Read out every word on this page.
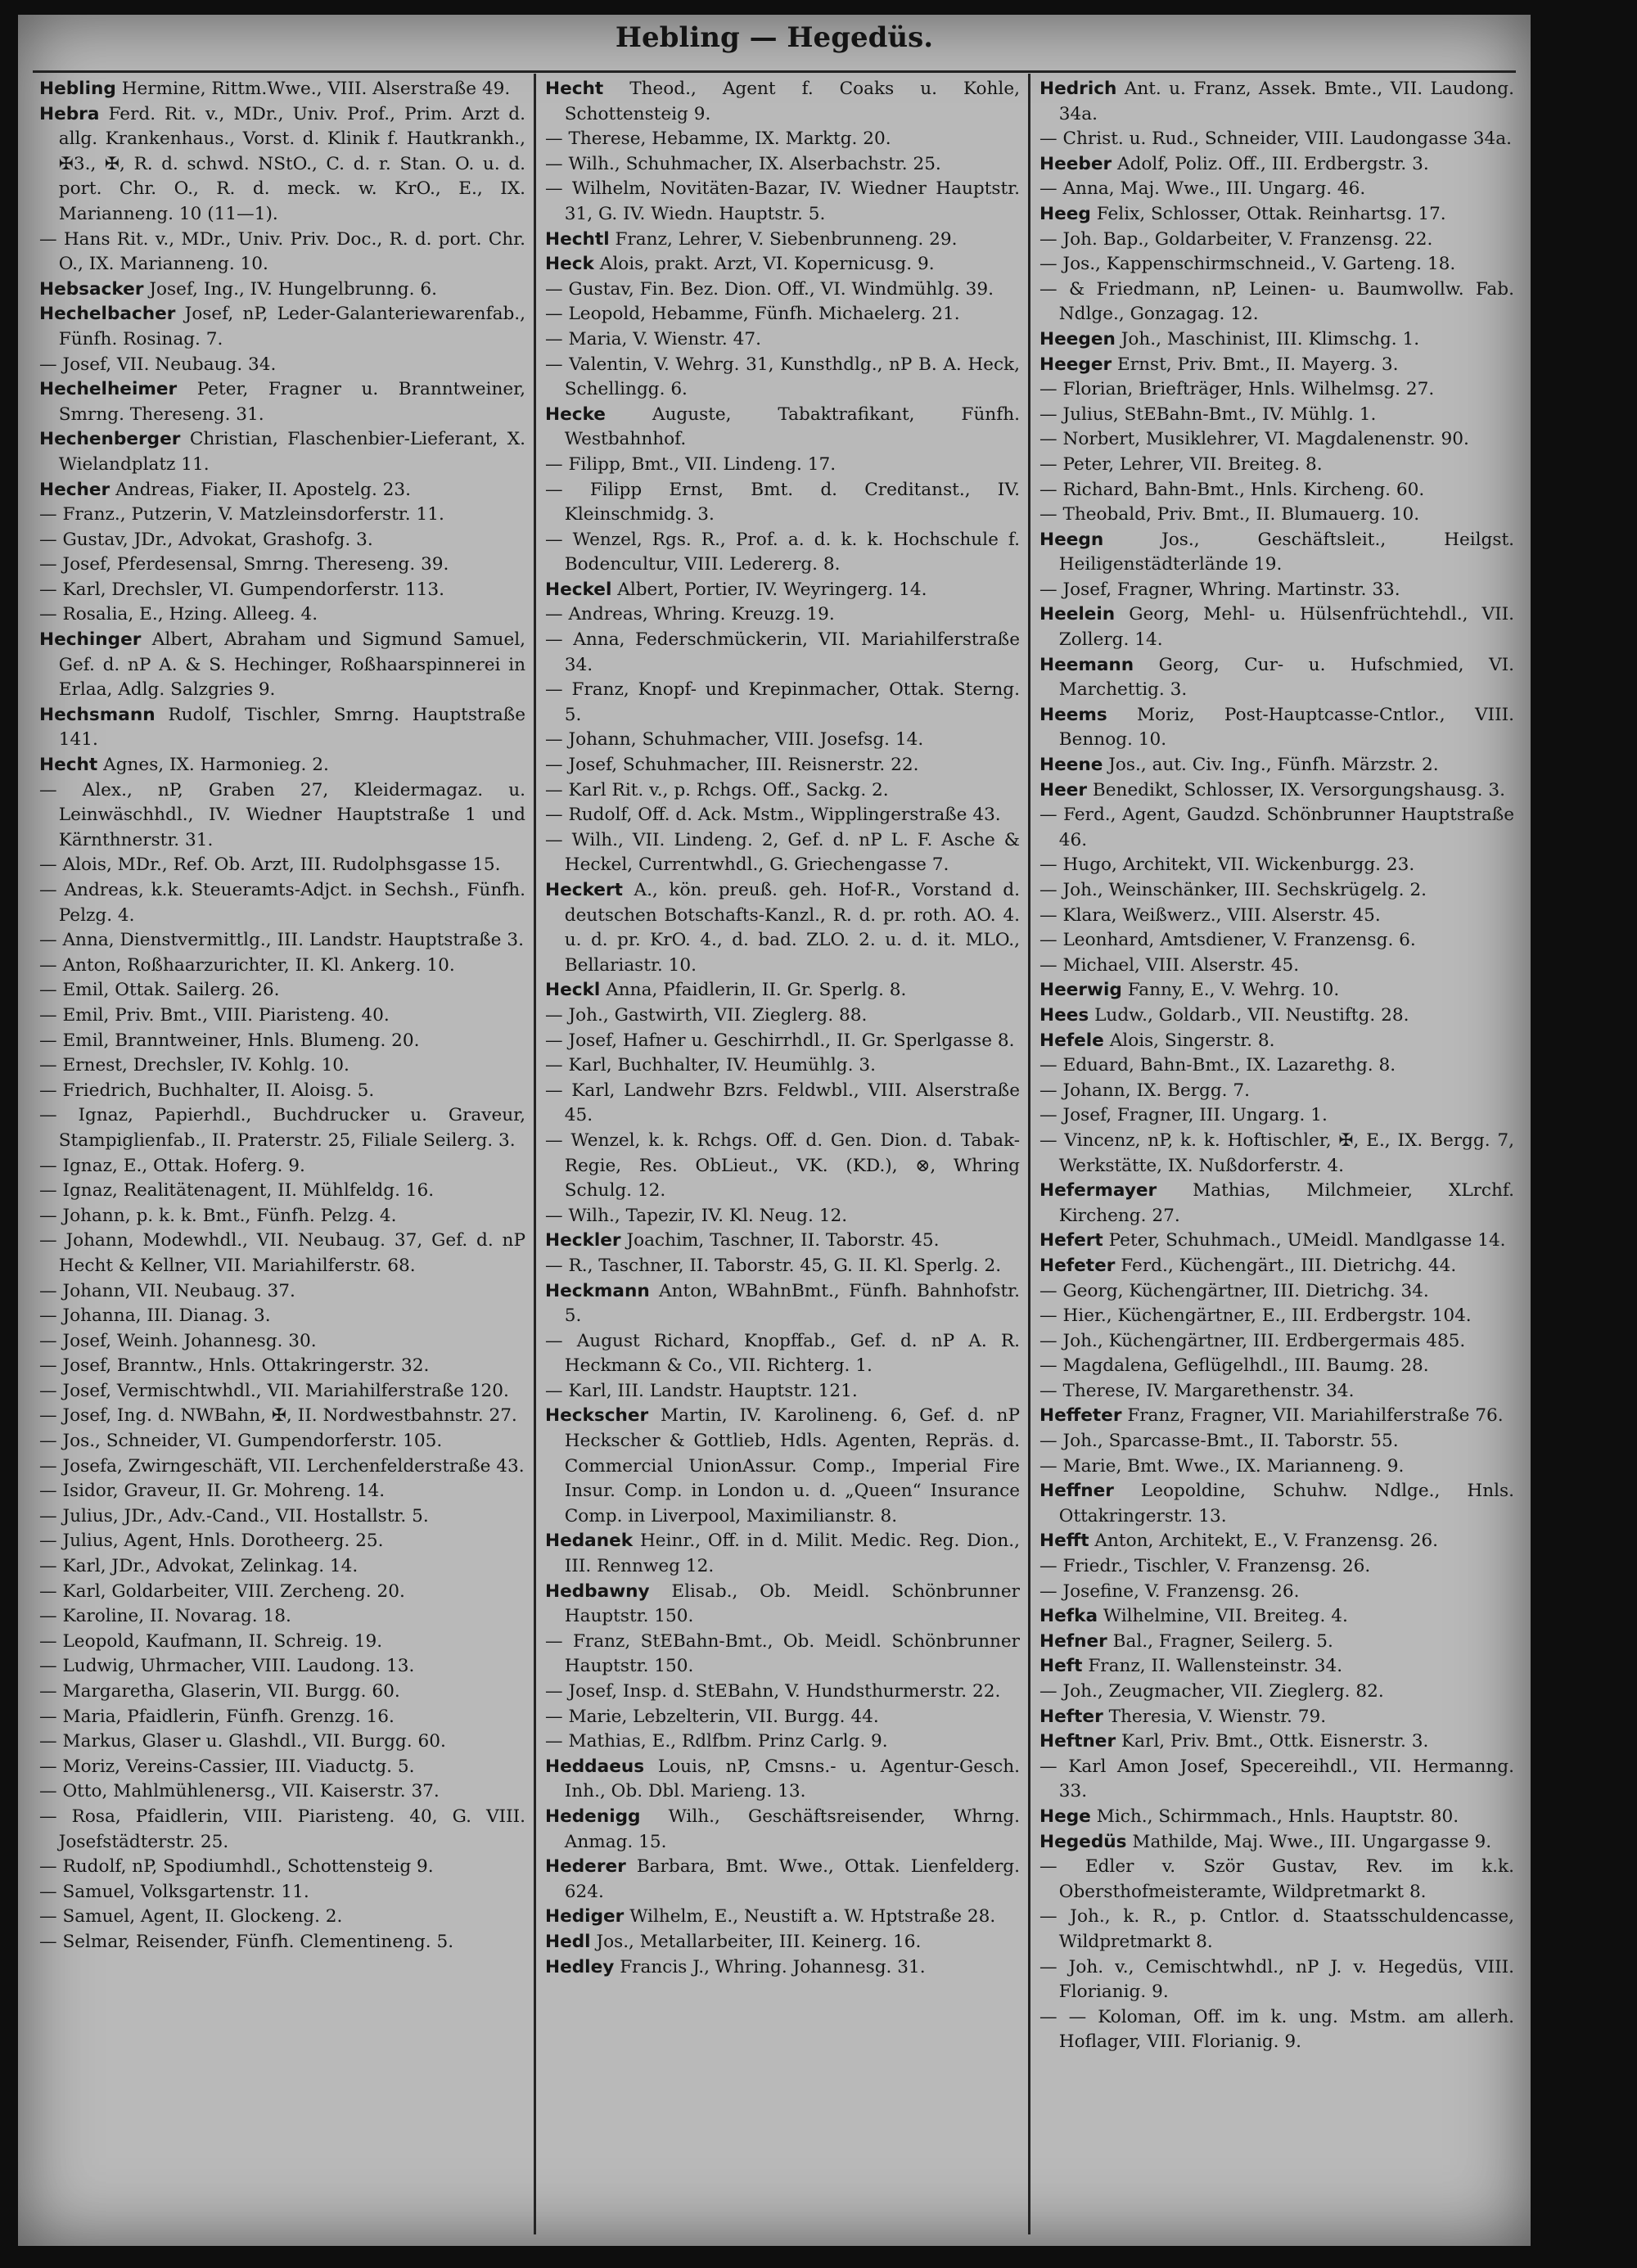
Hebling — Hegedüs.
Hebling Hermine, Rittm.Wwe., VIII. Alserstraße 49.
Hebra Ferd. Rit. v., MDr., Univ. Prof., Prim. Arzt d. allg. Krankenhaus., Vorst. d. Klinik f. Hautkrankh., ✠3., ✠, R. d. schwd. NStO., C. d. r. Stan. O. u. d. port. Chr. O., R. d. meck. w. KrO., E., IX. Marianneng. 10 (11—1).
— Hans Rit. v., MDr., Univ. Priv. Doc., R. d. port. Chr. O., IX. Marianneng. 10.
Hebsacker Josef, Ing., IV. Hungelbrunng. 6.
Hechelbacher Josef, nP, Leder-Galanteriewarenfab., Fünfh. Rosinag. 7.
— Josef, VII. Neubaug. 34.
Hechelheimer Peter, Fragner u. Branntweiner, Smrng. Thereseng. 31.
Hechenberger Christian, Flaschenbier-Lieferant, X. Wielandplatz 11.
Hecher Andreas, Fiaker, II. Apostelg. 23.
— Franz., Putzerin, V. Matzleinsdorferstr. 11.
— Gustav, JDr., Advokat, Grashofg. 3.
— Josef, Pferdesensal, Smrng. Thereseng. 39.
— Karl, Drechsler, VI. Gumpendorferstr. 113.
— Rosalia, E., Hzing. Alleeg. 4.
Hechinger Albert, Abraham und Sigmund Samuel, Gef. d. nP A. & S. Hechinger, Roßhaarspinnerei in Erlaa, Adlg. Salzgries 9.
Hechsmann Rudolf, Tischler, Smrng. Hauptstraße 141.
Hecht Agnes, IX. Harmonieg. 2.
— Alex., nP, Graben 27, Kleidermagaz. u. Leinwäschhdl., IV. Wiedner Hauptstraße 1 und Kärnthnerstr. 31.
— Alois, MDr., Ref. Ob. Arzt, III. Rudolphsgasse 15.
— Andreas, k.k. Steueramts-Adjct. in Sechsh., Fünfh. Pelzg. 4.
— Anna, Dienstvermittlg., III. Landstr. Hauptstraße 3.
— Anton, Roßhaarzurichter, II. Kl. Ankerg. 10.
— Emil, Ottak. Sailerg. 26.
— Emil, Priv. Bmt., VIII. Piaristeng. 40.
— Emil, Branntweiner, Hnls. Blumeng. 20.
— Ernest, Drechsler, IV. Kohlg. 10.
— Friedrich, Buchhalter, II. Aloisg. 5.
— Ignaz, Papierhdl., Buchdrucker u. Graveur, Stampiglienfab., II. Praterstr. 25, Filiale Seilerg. 3.
— Ignaz, E., Ottak. Hoferg. 9.
— Ignaz, Realitätenagent, II. Mühlfeldg. 16.
— Johann, p. k. k. Bmt., Fünfh. Pelzg. 4.
— Johann, Modewhdl., VII. Neubaug. 37, Gef. d. nP Hecht & Kellner, VII. Mariahilferstr. 68.
— Johann, VII. Neubaug. 37.
— Johanna, III. Dianag. 3.
— Josef, Weinh. Johannesg. 30.
— Josef, Branntw., Hnls. Ottakringerstr. 32.
— Josef, Vermischtwhdl., VII. Mariahilferstraße 120.
— Josef, Ing. d. NWBahn, ✠, II. Nordwestbahnstr. 27.
— Jos., Schneider, VI. Gumpendorferstr. 105.
— Josefa, Zwirngeschäft, VII. Lerchenfelderstraße 43.
— Isidor, Graveur, II. Gr. Mohreng. 14.
— Julius, JDr., Adv.-Cand., VII. Hostallstr. 5.
— Julius, Agent, Hnls. Dorotheerg. 25.
— Karl, JDr., Advokat, Zelinkag. 14.
— Karl, Goldarbeiter, VIII. Zercheng. 20.
— Karoline, II. Novarag. 18.
— Leopold, Kaufmann, II. Schreig. 19.
— Ludwig, Uhrmacher, VIII. Laudong. 13.
— Margaretha, Glaserin, VII. Burgg. 60.
— Maria, Pfaidlerin, Fünfh. Grenzg. 16.
— Markus, Glaser u. Glashdl., VII. Burgg. 60.
— Moriz, Vereins-Cassier, III. Viaductg. 5.
— Otto, Mahlmühlenersg., VII. Kaiserstr. 37.
— Rosa, Pfaidlerin, VIII. Piaristeng. 40, G. VIII. Josefstädterstr. 25.
— Rudolf, nP, Spodiumhdl., Schottensteig 9.
— Samuel, Volksgartenstr. 11.
— Samuel, Agent, II. Glockeng. 2.
— Selmar, Reisender, Fünfh. Clementineng. 5.
Hecht Theod., Agent f. Coaks u. Kohle, Schottensteig 9.
— Therese, Hebamme, IX. Marktg. 20.
— Wilh., Schuhmacher, IX. Alserbachstr. 25.
— Wilhelm, Novitäten-Bazar, IV. Wiedner Hauptstr. 31, G. IV. Wiedn. Hauptstr. 5.
Hechtl Franz, Lehrer, V. Siebenbrunneng. 29.
Heck Alois, prakt. Arzt, VI. Kopernicusg. 9.
— Gustav, Fin. Bez. Dion. Off., VI. Windmühlg. 39.
— Leopold, Hebamme, Fünfh. Michaelerg. 21.
— Maria, V. Wienstr. 47.
— Valentin, V. Wehrg. 31, Kunsthdlg., nP B. A. Heck, Schellingg. 6.
Hecke	Auguste, Tabaktrafikant, Fünfh. Westbahnhof.
— Filipp, Bmt., VII. Lindeng. 17.
— Filipp Ernst, Bmt. d. Creditanst., IV. Kleinschmidg. 3.
— Wenzel, Rgs. R., Prof. a. d. k. k. Hochschule f. Bodencultur, VIII. Ledererg. 8.
Heckel Albert, Portier, IV. Weyringerg. 14.
— Andreas, Whring. Kreuzg. 19.
— Anna, Federschmückerin, VII. Mariahilferstraße 34.
— Franz, Knopf- und Krepinmacher, Ottak. Sterng. 5.
— Johann, Schuhmacher, VIII. Josefsg. 14.
— Josef, Schuhmacher, III. Reisnerstr. 22.
— Karl Rit. v., p. Rchgs. Off., Sackg. 2.
— Rudolf, Off. d. Ack. Mstm., Wipplingerstraße 43.
— Wilh., VII. Lindeng. 2, Gef. d. nP L. F. Asche & Heckel, Currentwhdl., G. Griechengasse 7.
Heckert A., kön. preuß. geh. Hof-R., Vorstand d. deutschen Botschafts-Kanzl., R. d. pr. roth. AO. 4. u. d. pr. KrO. 4., d. bad. ZLO. 2. u. d. it. MLO., Bellariastr. 10.
Heckl Anna, Pfaidlerin, II. Gr. Sperlg. 8.
— Joh., Gastwirth, VII. Zieglerg. 88.
— Josef, Hafner u. Geschirrhdl., II. Gr. Sperlgasse 8.
— Karl, Buchhalter, IV. Heumühlg. 3.
— Karl, Landwehr Bzrs. Feldwbl., VIII. Alserstraße 45.
— Wenzel, k. k. Rchgs. Off. d. Gen. Dion. d. Tabak-Regie, Res. ObLieut., VK. (KD.), ⊗, Whring Schulg. 12.
— Wilh., Tapezir, IV. Kl. Neug. 12.
Heckler Joachim, Taschner, II. Taborstr. 45.
— R., Taschner, II. Taborstr. 45, G. II. Kl. Sperlg. 2.
Heckmann Anton, WBahnBmt., Fünfh. Bahnhofstr. 5.
— August Richard, Knopffab., Gef. d. nP A. R. Heckmann & Co., VII. Richterg. 1.
— Karl, III. Landstr. Hauptstr. 121.
Heckscher Martin, IV. Karolineng. 6, Gef. d. nP Heckscher & Gottlieb, Hdls. Agenten, Repräs. d. Commercial UnionAssur. Comp., Imperial Fire Insur. Comp. in London u. d. „Queen“ Insurance Comp. in Liverpool, Maximilianstr. 8.
Hedanek Heinr., Off. in d. Milit. Medic. Reg. Dion., III. Rennweg 12.
Hedbawny Elisab., Ob. Meidl. Schönbrunner Hauptstr. 150.
— Franz, StEBahn-Bmt., Ob. Meidl. Schönbrunner Hauptstr. 150.
— Josef, Insp. d. StEBahn, V. Hundsthurmerstr. 22.
— Marie, Lebzelterin, VII. Burgg. 44.
— Mathias, E., Rdlfbm. Prinz Carlg. 9.
Heddaeus Louis, nP, Cmsns.- u. Agentur-Gesch. Inh., Ob. Dbl. Marieng. 13.
Hedenigg Wilh., Geschäftsreisender, Whrng. Anmag. 15.
Hederer Barbara, Bmt. Wwe., Ottak. Lienfelderg. 624.
Hediger Wilhelm, E., Neustift a. W. Hptstraße 28.
Hedl Jos., Metallarbeiter, III. Keinerg. 16.
Hedley Francis J., Whring. Johannesg. 31.
Hedrich Ant. u. Franz, Assek. Bmte., VII. Laudong. 34a.
— Christ. u. Rud., Schneider, VIII. Laudongasse 34a.
Heeber Adolf, Poliz. Off., III. Erdbergstr. 3.
— Anna, Maj. Wwe., III. Ungarg. 46.
Heeg Felix, Schlosser, Ottak. Reinhartsg. 17.
— Joh. Bap., Goldarbeiter, V. Franzensg. 22.
— Jos., Kappenschirmschneid., V. Garteng. 18.
— & Friedmann, nP, Leinen- u. Baumwollw. Fab. Ndlge., Gonzagag. 12.
Heegen Joh., Maschinist, III. Klimschg. 1.
Heeger Ernst, Priv. Bmt., II. Mayerg. 3.
— Florian, Briefträger, Hnls. Wilhelmsg. 27.
— Julius, StEBahn-Bmt., IV. Mühlg. 1.
— Norbert, Musiklehrer, VI. Magdalenenstr. 90.
— Peter, Lehrer, VII. Breiteg. 8.
— Richard, Bahn-Bmt., Hnls. Kircheng. 60.
— Theobald, Priv. Bmt., II. Blumauerg. 10.
Heegn	Jos., Geschäftsleit., Heilgst. Heiligenstädterlände 19.
— Josef, Fragner, Whring. Martinstr. 33.
Heelein Georg, Mehl- u. Hülsenfrüchtehdl., VII. Zollerg. 14.
Heemann Georg, Cur- u. Hufschmied, VI. Marchettig. 3.
Heems Moriz, Post-Hauptcasse-Cntlor., VIII. Bennog. 10.
Heene Jos., aut. Civ. Ing., Fünfh. Märzstr. 2.
Heer Benedikt, Schlosser, IX. Versorgungshausg. 3.
— Ferd., Agent, Gaudzd. Schönbrunner Hauptstraße 46.
— Hugo, Architekt, VII. Wickenburgg. 23.
— Joh., Weinschänker, III. Sechskrügelg. 2.
— Klara, Weißwerz., VIII. Alserstr. 45.
— Leonhard, Amtsdiener, V. Franzensg. 6.
— Michael, VIII. Alserstr. 45.
Heerwig Fanny, E., V. Wehrg. 10.
Hees Ludw., Goldarb., VII. Neustiftg. 28.
Hefele Alois, Singerstr. 8.
— Eduard, Bahn-Bmt., IX. Lazarethg. 8.
— Johann, IX. Bergg. 7.
— Josef, Fragner, III. Ungarg. 1.
— Vincenz, nP, k. k. Hoftischler, ✠, E., IX. Bergg. 7, Werkstätte, IX. Nußdorferstr. 4.
Hefermayer Mathias, Milchmeier, XLrchf. Kircheng. 27.
Hefert Peter, Schuhmach., UMeidl. Mandlgasse 14.
Hefeter Ferd., Küchengärt., III. Dietrichg. 44.
— Georg, Küchengärtner, III. Dietrichg. 34.
— Hier., Küchengärtner, E., III. Erdbergstr. 104.
— Joh., Küchengärtner, III. Erdbergermais 485.
— Magdalena, Geflügelhdl., III. Baumg. 28.
— Therese, IV. Margarethenstr. 34.
Heffeter Franz, Fragner, VII. Mariahilferstraße 76.
— Joh., Sparcasse-Bmt., II. Taborstr. 55.
— Marie, Bmt. Wwe., IX. Marianneng. 9.
Heffner Leopoldine, Schuhw. Ndlge., Hnls. Ottakringerstr. 13.
Hefft Anton, Architekt, E., V. Franzensg. 26.
— Friedr., Tischler, V. Franzensg. 26.
— Josefine, V. Franzensg. 26.
Hefka Wilhelmine, VII. Breiteg. 4.
Hefner Bal., Fragner, Seilerg. 5.
Heft Franz, II. Wallensteinstr. 34.
— Joh., Zeugmacher, VII. Zieglerg. 82.
Hefter Theresia, V. Wienstr. 79.
Heftner Karl, Priv. Bmt., Ottk. Eisnerstr. 3.
— Karl Amon Josef, Specereihdl., VII. Hermanng. 33.
Hege Mich., Schirmmach., Hnls. Hauptstr. 80.
Hegedüs Mathilde, Maj. Wwe., III. Ungargasse 9.
— Edler v. Ször Gustav, Rev. im k.k. Obersthofmeisteramte, Wildpretmarkt 8.
— Joh., k. R., p. Cntlor. d. Staatsschuldencasse, Wildpretmarkt 8.
— Joh. v., Cemischtwhdl., nP J. v. Hegedüs, VIII. Florianig. 9.
— — Koloman, Off. im k. ung. Mstm. am allerh. Hoflager, VIII. Florianig. 9.
